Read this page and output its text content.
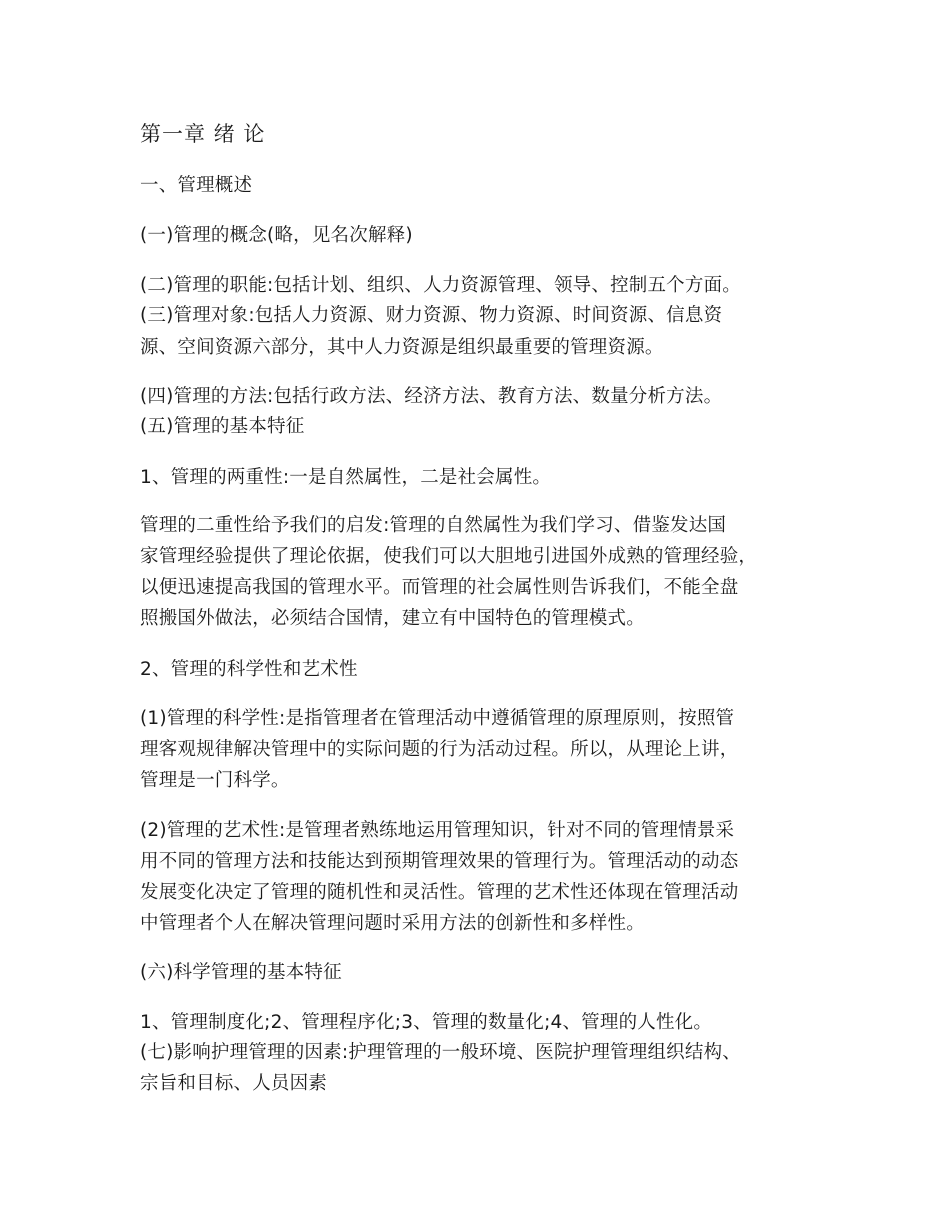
第一章 绪 论
一、管理概述
(一)管理的概念(略，见名次解释)
(二)管理的职能:包括计划、组织、人力资源管理、领导、控制五个方面。
(三)管理对象:包括人力资源、财力资源、物力资源、时间资源、信息资
源、空间资源六部分，其中人力资源是组织最重要的管理资源。
(四)管理的方法:包括行政方法、经济方法、教育方法、数量分析方法。
(五)管理的基本特征
1、管理的两重性:一是自然属性，二是社会属性。
管理的二重性给予我们的启发:管理的自然属性为我们学习、借鉴发达国
家管理经验提供了理论依据，使我们可以大胆地引进国外成熟的管理经验，
以便迅速提高我国的管理水平。而管理的社会属性则告诉我们，不能全盘
照搬国外做法，必须结合国情，建立有中国特色的管理模式。
2、管理的科学性和艺术性
(1)管理的科学性:是指管理者在管理活动中遵循管理的原理原则，按照管
理客观规律解决管理中的实际问题的行为活动过程。所以，从理论上讲，
管理是一门科学。
(2)管理的艺术性:是管理者熟练地运用管理知识，针对不同的管理情景采
用不同的管理方法和技能达到预期管理效果的管理行为。管理活动的动态
发展变化决定了管理的随机性和灵活性。管理的艺术性还体现在管理活动
中管理者个人在解决管理问题时采用方法的创新性和多样性。
(六)科学管理的基本特征
1、管理制度化;2、管理程序化;3、管理的数量化;4、管理的人性化。
(七)影响护理管理的因素:护理管理的一般环境、医院护理管理组织结构、
宗旨和目标、人员因素
